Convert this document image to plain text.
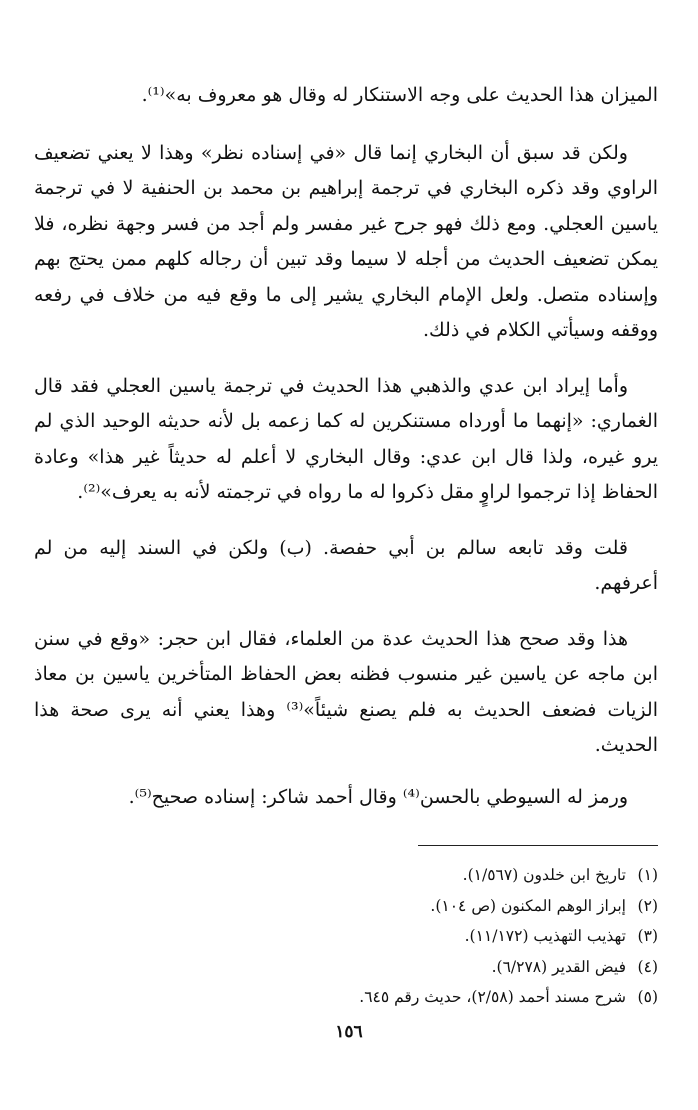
الميزان هذا الحديث على وجه الاستنكار له وقال هو معروف به»⁽¹⁾.

ولكن قد سبق أن البخاري إنما قال «في إسناده نظر» وهذا لا يعني تضعيف الراوي وقد ذكره البخاري في ترجمة إبراهيم بن محمد بن الحنفية لا في ترجمة ياسين العجلي. ومع ذلك فهو جرح غير مفسر ولم أجد من فسر وجهة نظره، فلا يمكن تضعيف الحديث من أجله لا سيما وقد تبين أن رجاله كلهم ممن يحتج بهم وإسناده متصل. ولعل الإمام البخاري يشير إلى ما وقع فيه من خلاف في رفعه ووقفه وسيأتي الكلام في ذلك.

وأما إيراد ابن عدي والذهبي هذا الحديث في ترجمة ياسين العجلي فقد قال الغماري: «إنهما ما أورداه مستنكرين له كما زعمه بل لأنه حديثه الوحيد الذي لم يرو غيره، ولذا قال ابن عدي: وقال البخاري لا أعلم له حديثاً غير هذا» وعادة الحفاظ إذا ترجموا لراوٍ مقل ذكروا له ما رواه في ترجمته لأنه به يعرف»⁽²⁾.

قلت وقد تابعه سالم بن أبي حفصة. (ب) ولكن في السند إليه من لم أعرفهم.

هذا وقد صحح هذا الحديث عدة من العلماء، فقال ابن حجر: «وقع في سنن ابن ماجه عن ياسين غير منسوب فظنه بعض الحفاظ المتأخرين ياسين بن معاذ الزيات فضعف الحديث به فلم يصنع شيئاً»⁽³⁾ وهذا يعني أنه يرى صحة هذا الحديث.

ورمز له السيوطي بالحسن⁽⁴⁾ وقال أحمد شاكر: إسناده صحيح⁽⁵⁾.

(١)
تاريخ ابن خلدون (١/٥٦٧).
(٢)
إبراز الوهم المكنون (ص ١٠٤).
(٣)
تهذيب التهذيب (١١/١٧٢).
(٤)
فيض القدير (٦/٢٧٨).
(٥)
شرح مسند أحمد (٢/٥٨)، حديث رقم ٦٤٥.
١٥٦
